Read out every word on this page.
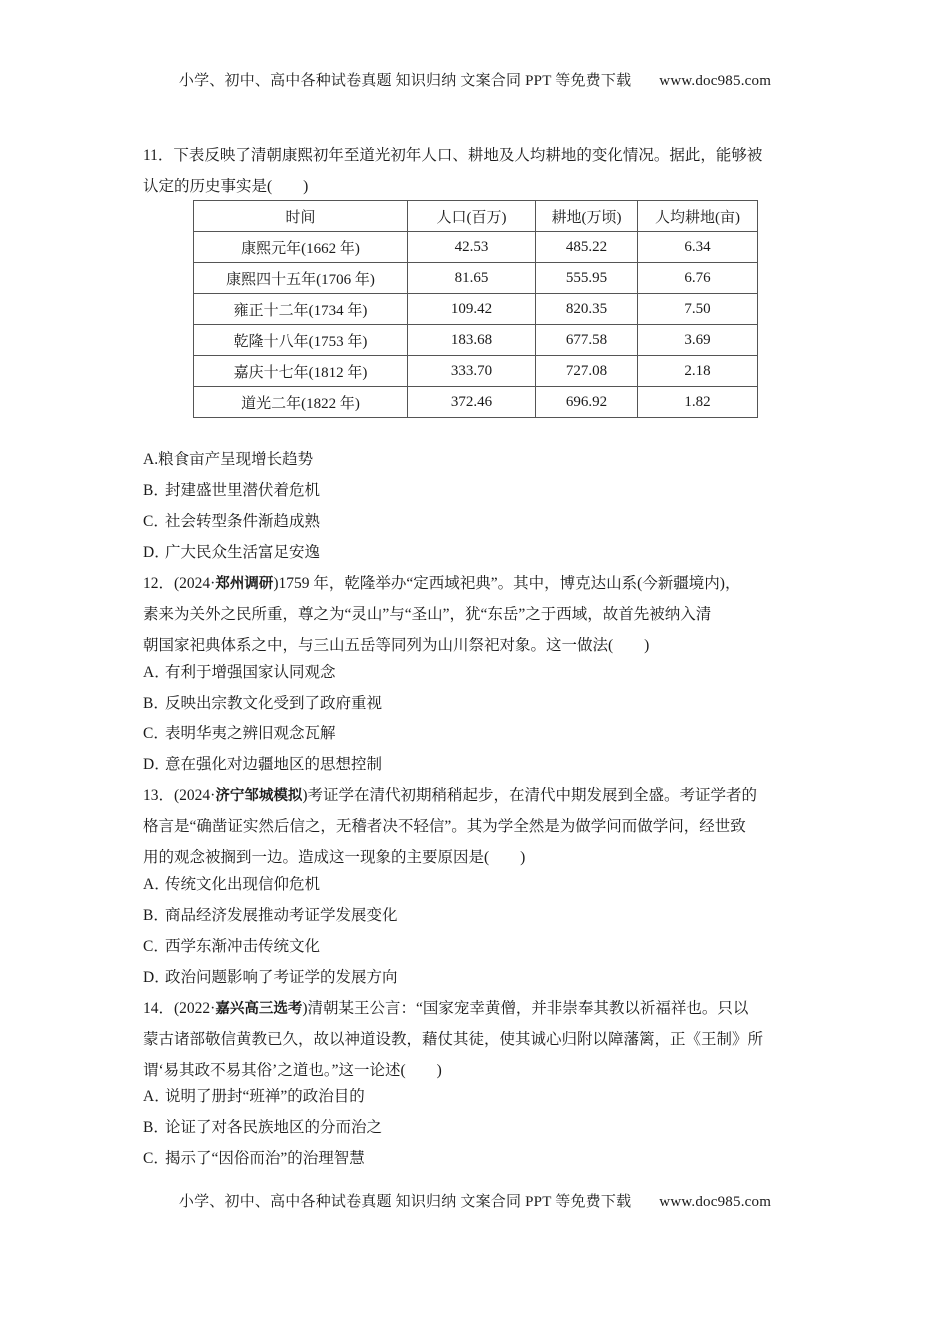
小学、初中、高中各种试卷真题 知识归纳 文案合同 PPT 等免费下载 www.doc985.com
11．下表反映了清朝康熙初年至道光初年人口、耕地及人均耕地的变化情况。据此，能够被
认定的历史事实是(　　)
时间	人口(百万)	耕地(万顷)	人均耕地(亩)
康熙元年(1662 年)	42.53	485.22	6.34
康熙四十五年(1706 年)	81.65	555.95	6.76
雍正十二年(1734 年)	109.42	820.35	7.50
乾隆十八年(1753 年)	183.68	677.58	3.69
嘉庆十七年(1812 年)	333.70	727.08	2.18
道光二年(1822 年)	372.46	696.92	1.82
A.粮食亩产呈现增长趋势
B．封建盛世里潜伏着危机
C．社会转型条件渐趋成熟
D．广大民众生活富足安逸
12．(2024·郑州调研)1759 年，乾隆举办“定西域祀典”。其中，博克达山系(今新疆境内)，
素来为关外之民所重，尊之为“灵山”与“圣山”，犹“东岳”之于西域，故首先被纳入清
朝国家祀典体系之中，与三山五岳等同列为山川祭祀对象。这一做法(　　)
A．有利于增强国家认同观念
B．反映出宗教文化受到了政府重视
C．表明华夷之辨旧观念瓦解
D．意在强化对边疆地区的思想控制
13．(2024·济宁邹城模拟)考证学在清代初期稍稍起步，在清代中期发展到全盛。考证学者的
格言是“确凿证实然后信之，无稽者决不轻信”。其为学全然是为做学问而做学问，经世致
用的观念被搁到一边。造成这一现象的主要原因是(　　)
A．传统文化出现信仰危机
B．商品经济发展推动考证学发展变化
C．西学东渐冲击传统文化
D．政治问题影响了考证学的发展方向
14．(2022·嘉兴高三选考)清朝某王公言：“国家宠幸黄僧，并非崇奉其教以祈福祥也。只以
蒙古诸部敬信黄教已久，故以神道设教，藉仗其徒，使其诚心归附以障藩篱，正《王制》所
谓‘易其政不易其俗’之道也。”这一论述(　　)
A．说明了册封“班禅”的政治目的
B．论证了对各民族地区的分而治之
C．揭示了“因俗而治”的治理智慧
小学、初中、高中各种试卷真题 知识归纳 文案合同 PPT 等免费下载 www.doc985.com
